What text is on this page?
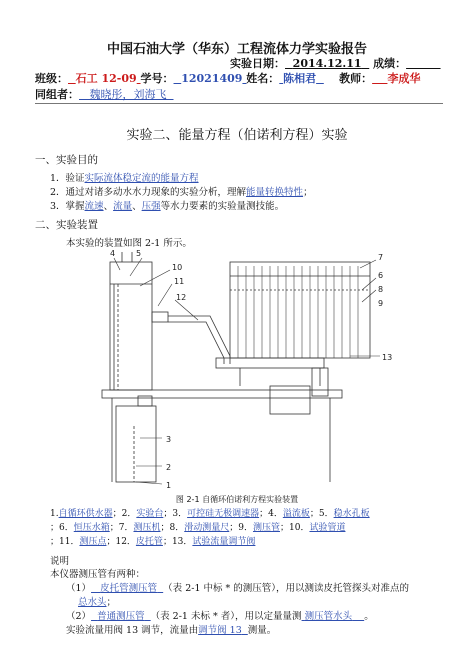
中国石油大学（华东）工程流体力学实验报告
实验日期： 2014.12.11 成绩：
班级： 石工 12-09 学号： 12021409 姓名： 陈相君 教师： 李成华
同组者： 魏晓彤，刘海飞
实验二、能量方程（伯诺利方程）实验
一、实验目的
1．验证实际流体稳定流的能量方程
2．通过对诸多动水水力现象的实验分析，理解能量转换特性；
3．掌握流速、流量、压强等水力要素的实验量测技能。
二、实验装置
本实验的装置如图 2-1 所示。
4	5
10
11
12
3
2
1
7
6
8
9
13
图 2-1 自循环伯诺利方程实验装置
1.自循环供水器；2．实验台；3．可控硅无极调速器；4．溢流板；5．稳水孔板
；6．恒压水箱；7．测压机；8．滑动测量尺；9．测压管；10．试验管道
；11．测压点；12．皮托管；13．试验流量调节阀
说明
本仪器测压管有两种：
（1） 皮托管测压管 （表 2-1 中标 * 的测压管），用以测读皮托管探头对准点的
总水头；
（2） 普通测压管 （表 2-1 未标 * 者），用以定量量测 测压管水头 。
实验流量用阀 13 调节，流量由调节阀 13 测量。
